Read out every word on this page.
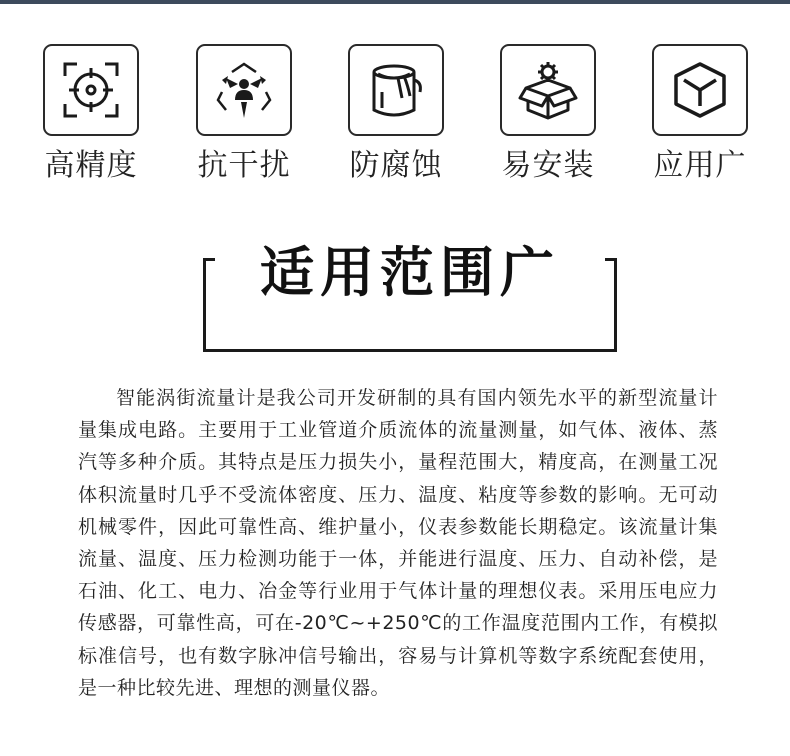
高精度 抗干扰 防腐蚀 易安装 应用广
适用范围广

智能涡街流量计是我公司开发研制的具有国内领先水平的新型流量计量集成电路。主要用于工业管道介质流体的流量测量，如气体、液体、蒸汽等多种介质。其特点是压力损失小，量程范围大，精度高，在测量工况体积流量时几乎不受流体密度、压力、温度、粘度等参数的影响。无可动机械零件，因此可靠性高、维护量小，仪表参数能长期稳定。该流量计集流量、温度、压力检测功能于一体，并能进行温度、压力、自动补偿，是石油、化工、电力、冶金等行业用于气体计量的理想仪表。采用压电应力传感器，可靠性高，可在-20℃~+250℃的工作温度范围内工作，有模拟标准信号，也有数字脉冲信号输出，容易与计算机等数字系统配套使用，是一种比较先进、理想的测量仪器。
